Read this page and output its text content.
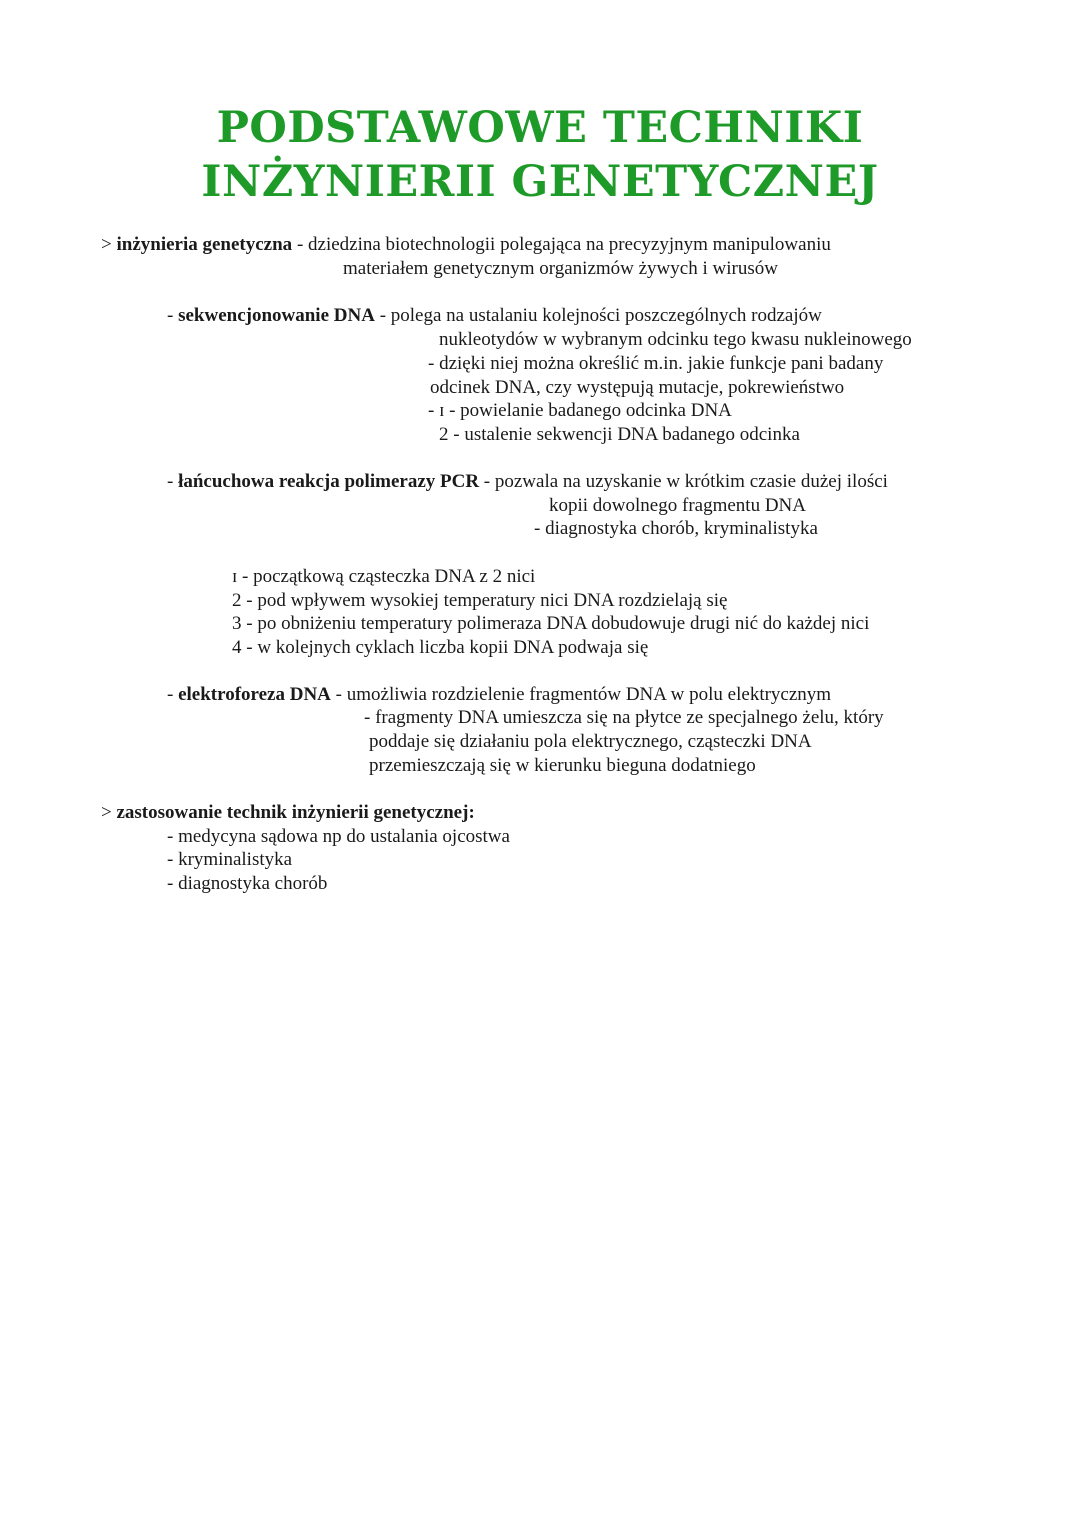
PODSTAWOWE TECHNIKI
INŻYNIERII GENETYCZNEJ
> inżynieria genetyczna - dziedzina biotechnologii polegająca na precyzyjnym manipulowaniu
materiałem genetycznym organizmów żywych i wirusów
- sekwencjonowanie DNA - polega na ustalaniu kolejności poszczególnych rodzajów
nukleotydów w wybranym odcinku tego kwasu nukleinowego
- dzięki niej można określić m.in. jakie funkcje pani badany
odcinek DNA, czy występują mutacje, pokrewieństwo
- ɪ - powielanie badanego odcinka DNA
2 - ustalenie sekwencji DNA badanego odcinka
- łańcuchowa reakcja polimerazy PCR - pozwala na uzyskanie w krótkim czasie dużej ilości
kopii dowolnego fragmentu DNA
- diagnostyka chorób, kryminalistyka
ɪ - początkową cząsteczka DNA z 2 nici
2 - pod wpływem wysokiej temperatury nici DNA rozdzielają się
3 - po obniżeniu temperatury polimeraza DNA dobudowuje drugi nić do każdej nici
4 - w kolejnych cyklach liczba kopii DNA podwaja się
- elektroforeza DNA - umożliwia rozdzielenie fragmentów DNA w polu elektrycznym
- fragmenty DNA umieszcza się na płytce ze specjalnego żelu, który
poddaje się działaniu pola elektrycznego, cząsteczki DNA
przemieszczają się w kierunku bieguna dodatniego
> zastosowanie technik inżynierii genetycznej:
- medycyna sądowa np do ustalania ojcostwa
- kryminalistyka
- diagnostyka chorób
